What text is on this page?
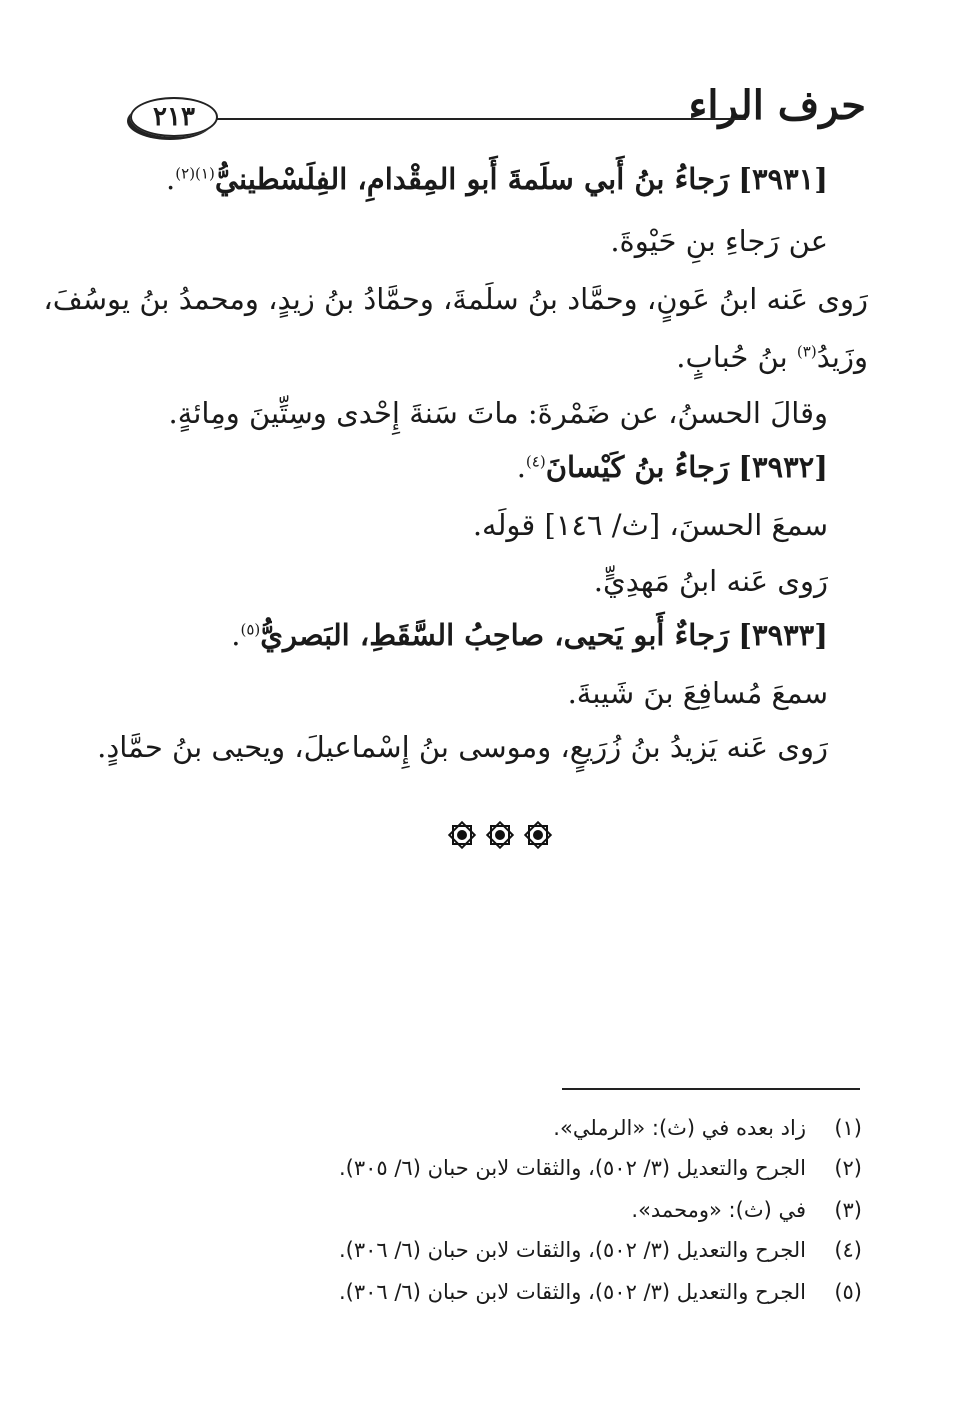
حرف الراء
٢١٣
[٣٩٣١] رَجاءُ بنُ أَبي سلَمةَ أَبو المِقْدامِ، الفِلَسْطينيُّ$^{(١)(٢)}$.
عن رَجاءِ بنِ حَيْوةَ.
رَوى عَنه ابنُ عَونٍ، وحمَّاد بنُ سلَمةَ، وحمَّادُ بنُ زيدٍ، ومحمدُ بنُ يوسُفَ،
وزَيدُ$^{(٣)}$ بنُ حُبابٍ.
وقالَ الحسنُ، عن ضَمْرةَ: ماتَ سَنةَ إِحْدى وسِتِّينَ ومِائةٍ.
[٣٩٣٢] رَجاءُ بنُ كَيْسانَ$^{(٤)}$.
سمعَ الحسنَ، [ث/ ١٤٦] قولَه.
رَوى عَنه ابنُ مَهدِيٍّ.
[٣٩٣٣] رَجاءٌ أَبو يَحيى، صاحِبُ السَّقَطِ، البَصريُّ$^{(٥)}$.
سمعَ مُسافِعَ بنَ شَيبةَ.
رَوى عَنه يَزيدُ بنُ زُرَيعٍ، وموسى بنُ إِسْماعيلَ، ويحيى بنُ حمَّادٍ.
(١)
زاد بعده في (ث): «الرملي».
(٢)
الجرح والتعديل (٣/ ٥٠٢)، والثقات لابن حبان (٦/ ٣٠٥).
(٣)
في (ث): «ومحمد».
(٤)
الجرح والتعديل (٣/ ٥٠٢)، والثقات لابن حبان (٦/ ٣٠٦).
(٥)
الجرح والتعديل (٣/ ٥٠٢)، والثقات لابن حبان (٦/ ٣٠٦).
